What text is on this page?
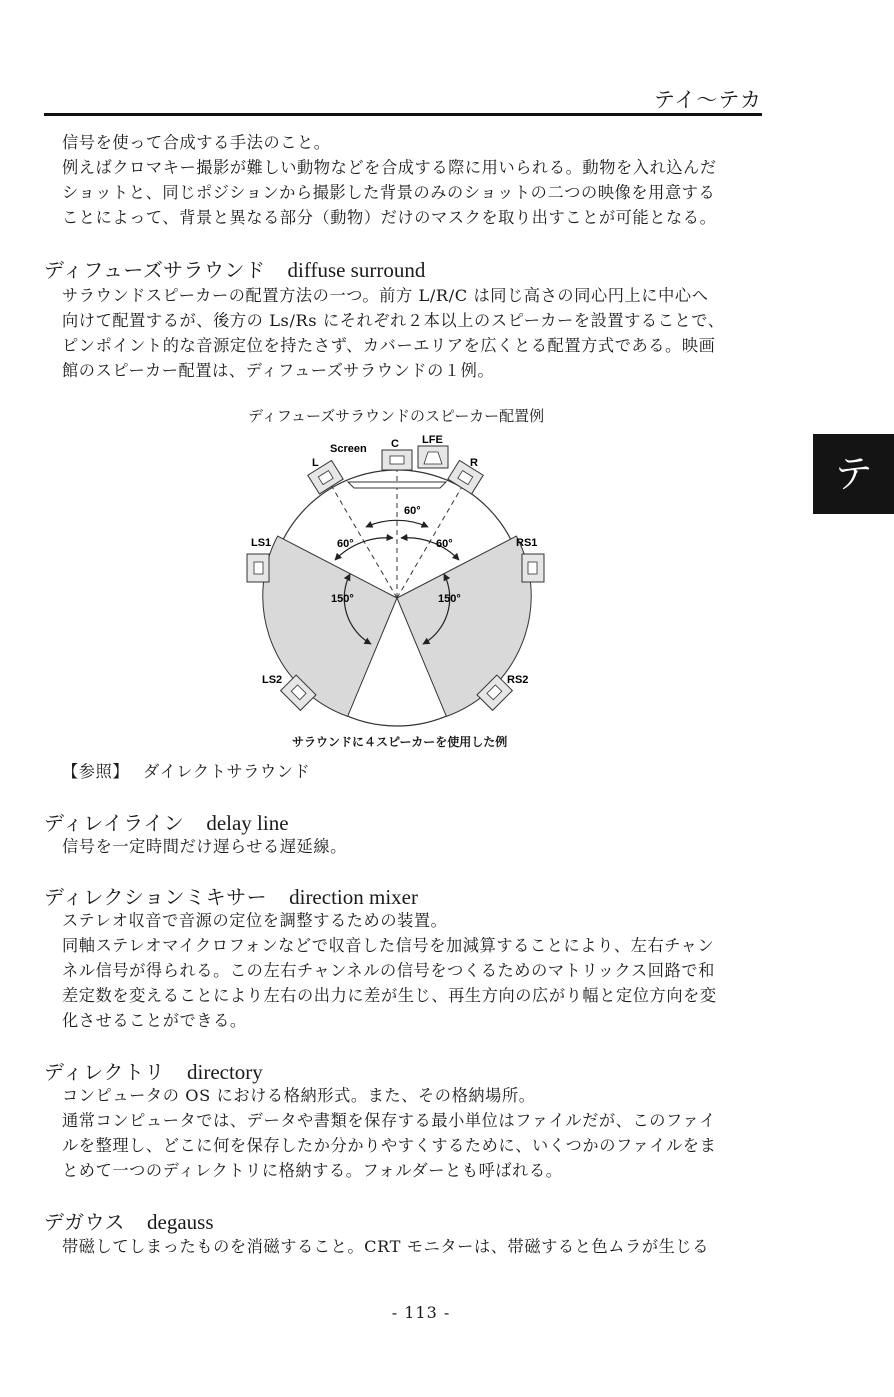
テイ〜テカ
テ
信号を使って合成する手法のこと。
例えばクロマキー撮影が難しい動物などを合成する際に用いられる。動物を入れ込んだ
ショットと、同じポジションから撮影した背景のみのショットの二つの映像を用意する
ことによって、背景と異なる部分（動物）だけのマスクを取り出すことが可能となる。
ディフューズサラウンド diffuse surround
サラウンドスピーカーの配置方法の一つ。前方 L/R/C は同じ高さの同心円上に中心へ
向けて配置するが、後方の Ls/Rs にそれぞれ２本以上のスピーカーを設置することで、
ピンポイント的な音源定位を持たさず、カバーエリアを広くとる配置方式である。映画
館のスピーカー配置は、ディフューズサラウンドの１例。
ディフューズサラウンドのスピーカー配置例
Screen C LFE
L	R
LS1	RS1
LS2	RS2
60°
60°	60°
150°	150°
サラウンドに４スピーカーを使用した例
【参照】 ダイレクトサラウンド
ディレイライン delay line
信号を一定時間だけ遅らせる遅延線。
ディレクションミキサー direction mixer
ステレオ収音で音源の定位を調整するための装置。
同軸ステレオマイクロフォンなどで収音した信号を加減算することにより、左右チャン
ネル信号が得られる。この左右チャンネルの信号をつくるためのマトリックス回路で和
差定数を変えることにより左右の出力に差が生じ、再生方向の広がり幅と定位方向を変
化させることができる。
ディレクトリ directory
コンピュータの OS における格納形式。また、その格納場所。
通常コンピュータでは、データや書類を保存する最小単位はファイルだが、このファイ
ルを整理し、どこに何を保存したか分かりやすくするために、いくつかのファイルをま
とめて一つのディレクトリに格納する。フォルダーとも呼ばれる。
デガウス degauss
帯磁してしまったものを消磁すること。CRT モニターは、帯磁すると色ムラが生じる
- 113 -
